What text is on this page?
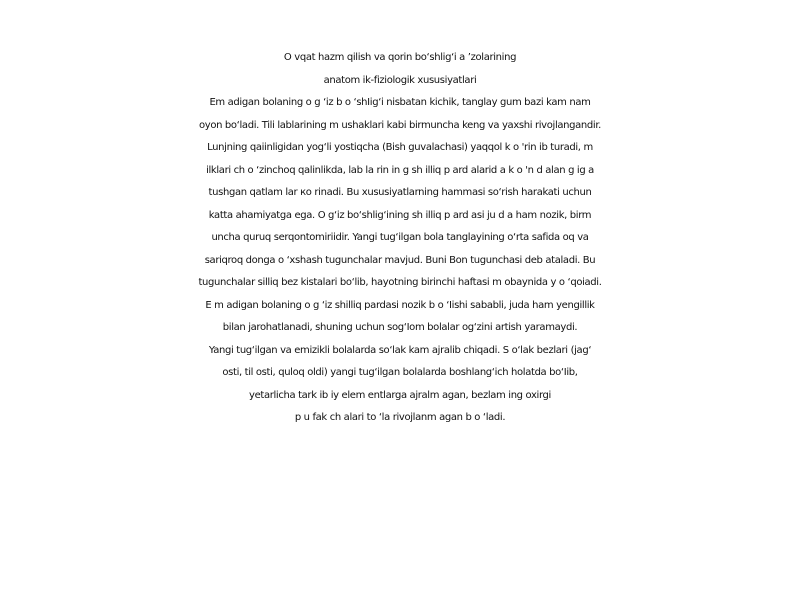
O vqat hazm qilish va qorin bo‘shlig‘i a ’zolarining
anatom ik-fiziologik xususiyatlari
Em adigan bolaning o g ‘iz b o ‘shIig‘i nisbatan kichik, tanglay gum bazi kam nam
oyon bo‘ladi. Tili lablarining m ushaklari kabi birmuncha keng va yaxshi rivojlangandir.
Lunjning qaiinligidan yog‘li yostiqcha (Bish guvalachasi) yaqqol k o 'rin ib turadi, m
ilklari ch o ‘zinchoq qalinlikda, lab la rin in g sh illiq p ard alarid a k o 'n d alan g ig a
tushgan qatlam lar кo rinadi. Bu xususiyatlarning hammasi so‘rish harakati uchun
katta ahamiyatga ega. O g‘iz bo‘shlig‘ining sh illiq p ard asi ju d a ham nozik, birm
uncha quruq serqontomiriidir. Yangi tug‘ilgan bola tanglayining o‘rta safida oq va
sariqroq donga o ‘xshash tugunchalar mavjud. Buni Bon tugunchasi deb ataladi. Bu
tugunchalar silliq bez kistalari bo‘lib, hayotning birinchi haftasi m obaynida y o ‘qoiadi.
E m adigan bolaning o g ‘iz shilliq pardasi nozik b o ‘Iishi sababli, juda ham yengillik
bilan jarohatlanadi, shuning uchun sog‘Iom bolalar og‘zini artish yaramaydi.
Yangi tug‘ilgan va emizikli bolalarda so‘lak kam ajralib chiqadi. S o‘lak bezlari (jag‘
osti, til osti, quloq oldi) yangi tug‘ilgan bolalarda boshlang‘ich holatda bo‘Iib,
yetarlicha tark ib iy elem entlarga ajralm agan, bezlam ing oxirgi
p u fak ch alari to ‘la rivojlanm agan b o ‘ladi.
